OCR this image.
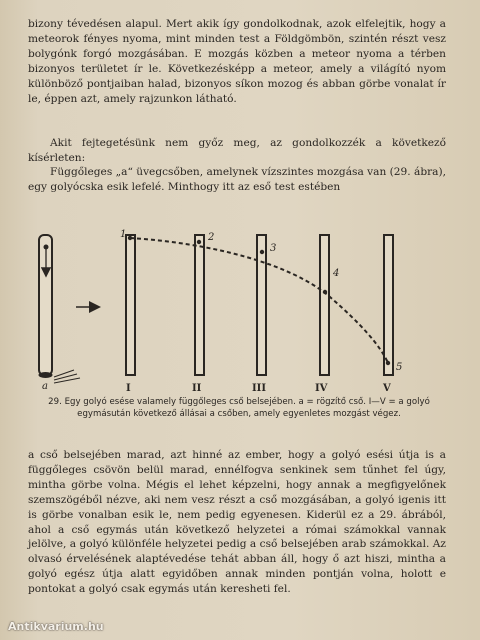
bizony tévedésen alapul. Mert akik így gondolkodnak, azok elfelejtik, hogy a meteorok fényes nyoma, mint minden test a Földgömbön, szintén részt vesz bolygónk forgó mozgásában. E mozgás közben a meteor nyoma a térben bizonyos területet ír le. Következésképp a meteor, amely a világító nyom különböző pontjaiban halad, bizonyos síkon mozog és abban görbe vonalat ír le, éppen azt, amely rajzunkon látható.

Akit fejtegetésünk nem győz meg, az gondolkozzék a következő kísérleten:

Függőleges „a“ üvegcsőben, amelynek vízszintes mozgása van (29. ábra), egy golyócska esik lefelé. Minthogy itt az eső test estében

a	I	II	III	IV	V
1	2
3
4
5

29. Egy golyó esése valamely függőleges cső belsejében. a = rögzítő cső. I—V = a golyó egymásután következő állásai a csőben, amely egyenletes mozgást végez.

a cső belsejében marad, azt hinné az ember, hogy a golyó esési útja is a függőleges csövön belül marad, ennélfogva senkinek sem tűnhet fel úgy, mintha görbe volna. Mégis el lehet képzelni, hogy annak a megfigyelőnek szemszögéből nézve, aki nem vesz részt a cső mozgásában, a golyó igenis itt is görbe vonalban esik le, nem pedig egyenesen. Kiderül ez a 29. ábrából, ahol a cső egymás után következő helyzetei a római számokkal vannak jelölve, a golyó különféle helyzetei pedig a cső belsejében arab számokkal. Az olvasó érvelésének alaptévedése tehát abban áll, hogy ő azt hiszi, mintha a golyó egész útja alatt egyidőben annak minden pontján volna, holott e pontokat a golyó csak egymás után keresheti fel.

Antikvarium.hu
